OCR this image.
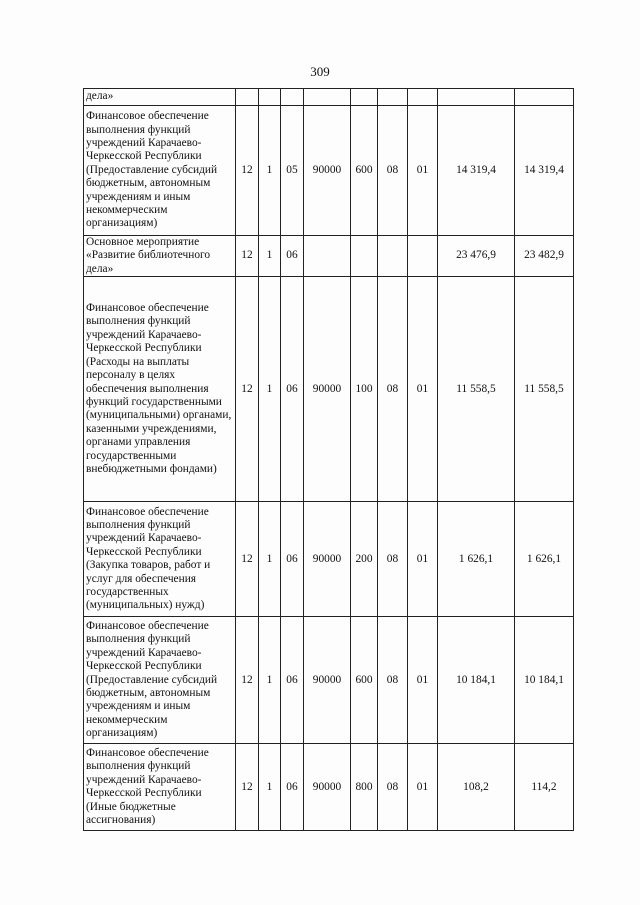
309
дела»									
Финансовое обеспечение выполнения функций учреждений Карачаево-Черкесской Республики (Предоставление субсидий бюджетным, автономным учреждениям и иным некоммерческим организациям)	12	1	05	90000	600	08	01	14 319,4	14 319,4
Основное мероприятие «Развитие библиотечного дела»	12	1	06					23 476,9	23 482,9
Финансовое обеспечение выполнения функций учреждений Карачаево-Черкесской Республики (Расходы на выплаты персоналу в целях обеспечения выполнения функций государственными (муниципальными) органами, казенными учреждениями, органами управления государственными внебюджетными фондами)	12	1	06	90000	100	08	01	11 558,5	11 558,5
Финансовое обеспечение выполнения функций учреждений Карачаево-Черкесской Республики (Закупка товаров, работ и услуг для обеспечения государственных (муниципальных) нужд)	12	1	06	90000	200	08	01	1 626,1	1 626,1
Финансовое обеспечение выполнения функций учреждений Карачаево-Черкесской Республики (Предоставление субсидий бюджетным, автономным учреждениям и иным некоммерческим организациям)	12	1	06	90000	600	08	01	10 184,1	10 184,1
Финансовое обеспечение выполнения функций учреждений Карачаево-Черкесской Республики (Иные бюджетные ассигнования)	12	1	06	90000	800	08	01	108,2	114,2
